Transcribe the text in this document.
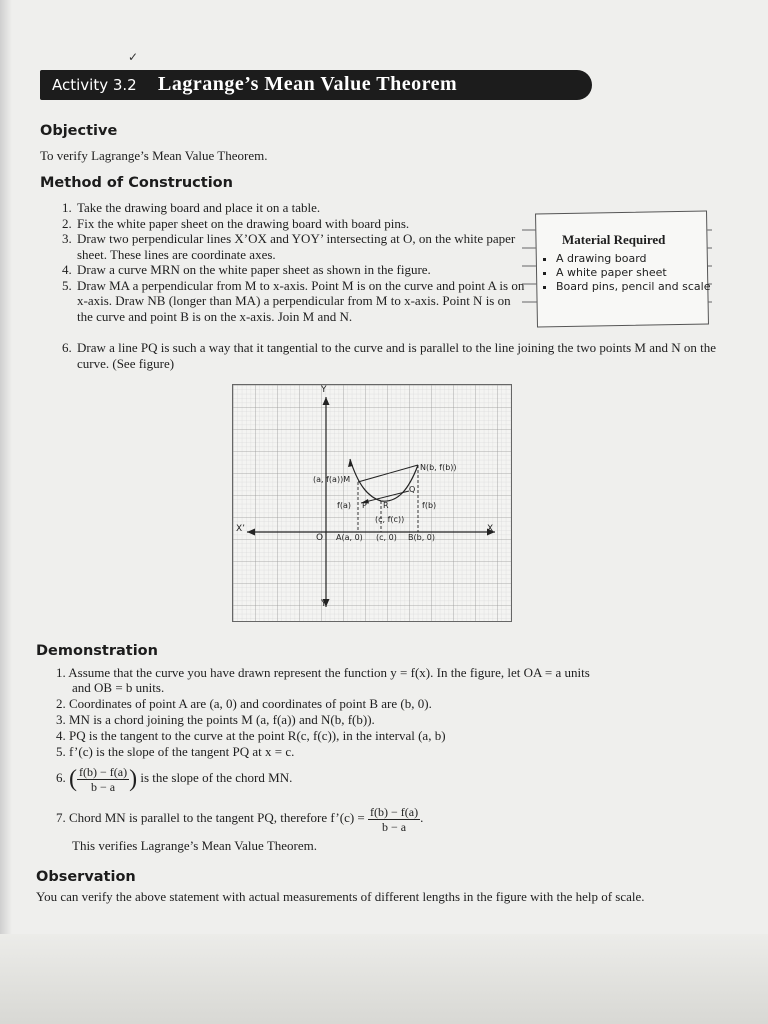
✓
Activity 3.2 Lagrange’s Mean Value Theorem
Objective
To verify Lagrange’s Mean Value Theorem.
Method of Construction
1. Take the drawing board and place it on a table.
2. Fix the white paper sheet on the drawing board with board pins.
3. Draw two perpendicular lines X’OX and YOY’ intersecting at O, on the white paper sheet. These lines are coordinate axes.
4. Draw a curve MRN on the white paper sheet as shown in the figure.
5. Draw MA a perpendicular from M to x-axis. Point M is on the curve and point A is on x-axis. Draw NB (longer than MA) a perpendicular from M to x-axis. Point N is on the curve and point B is on the x-axis. Join M and N.
6. Draw a line PQ is such a way that it tangential to the curve and is parallel to the line joining the two points M and N on the curve. (See figure)
Material Required
▪ A drawing board
▪ A white paper sheet
▪ Board pins, pencil and scale
Y
Y’
X
X’
O
N(b, f(b))
(a, f(a))M
Q
f(a) P R	f(b)
(c, f(c))
A(a, 0) (c, 0) B(b, 0)
Demonstration
1. Assume that the curve you have drawn represent the function y = f(x). In the figure, let OA = a units
and OB = b units.
2. Coordinates of point A are (a, 0) and coordinates of point B are (b, 0).
3. MN is a chord joining the points M (a, f(a)) and N(b, f(b)).
4. PQ is the tangent to the curve at the point R(c, f(c)), in the interval (a, b)
5. f’(c) is the slope of the tangent PQ at x = c.
6. ( $\frac{f(b) - f(a)}{b - a}$ ) is the slope of the chord MN.
7. Chord MN is parallel to the tangent PQ, therefore f’(c) = $\frac{f(b) - f(a)}{b - a}$ .
This verifies Lagrange’s Mean Value Theorem.
Observation
You can verify the above statement with actual measurements of different lengths in the figure with the help of scale.
